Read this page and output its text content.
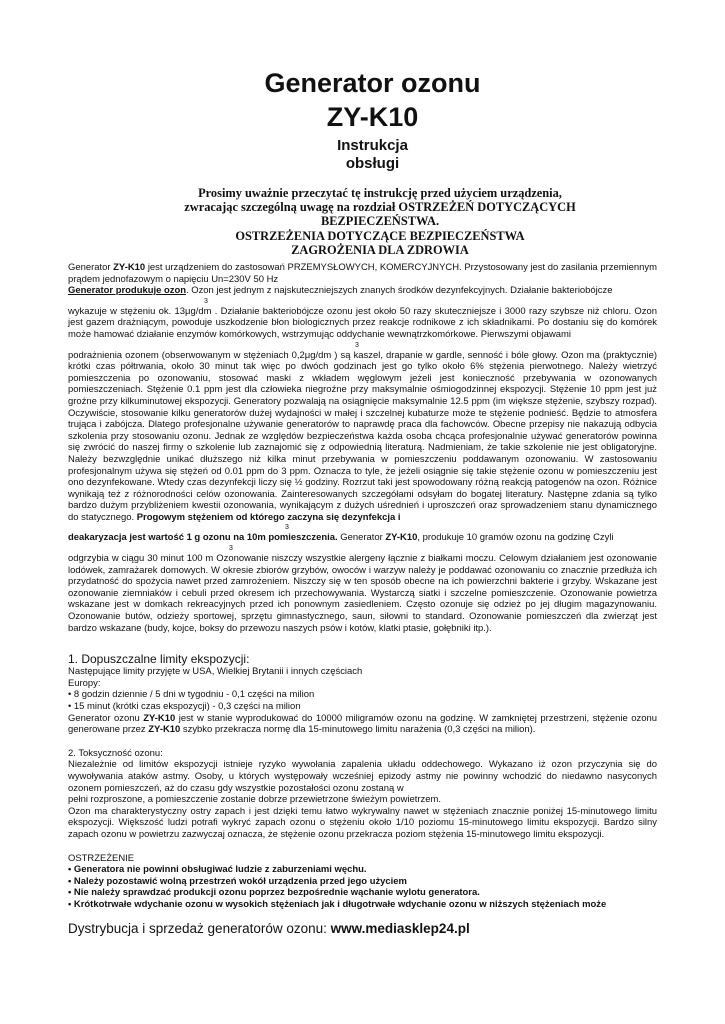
Generator ozonu
ZY-K10
Instrukcja
obsługi
Prosimy uważnie przeczytać tę instrukcję przed użyciem urządzenia,
zwracając szczególną uwagę na rozdział OSTRZEŻEŃ DOTYCZĄCYCH
BEZPIECZEŃSTWA.
OSTRZEŻENIA DOTYCZĄCE BEZPIECZEŃSTWA
ZAGROŻENIA DLA ZDROWIA

Generator ZY-K10 jest urządzeniem do zastosowań PRZEMYSŁOWYCH, KOMERCYJNYCH. Przystosowany jest do zasilania przemiennym prądem jednofazowym o napięciu Un=230V 50 Hz
Generator produkuje ozon. Ozon jest jednym z najskuteczniejszych znanych środków dezynfekcyjnych. Działanie bakteriobójcze

3

wykazuje w stężeniu ok. 13μg/dm . Działanie bakteriobójcze ozonu jest około 50 razy skuteczniejsze i 3000 razy szybsze niż chloru. Ozon jest gazem drażniącym, powoduje uszkodzenie błon biologicznych przez reakcje rodnikowe z ich składnikami. Po dostaniu się do komórek może hamować działanie enzymów komórkowych, wstrzymując oddychanie wewnątrzkomórkowe. Pierwszymi objawami

3

podrażnienia ozonem (obserwowanym w stężeniach 0,2μg/dm ) są kaszel, drapanie w gardle, senność i bóle głowy. Ozon ma (praktycznie) krótki czas półtrwania, około 30 minut tak więc po dwóch godzinach jest go tylko około 6% stężenia pierwotnego. Należy wietrzyć pomieszczenia po ozonowaniu, stosować maski z wkładem węglowym jeżeli jest konieczność przebywania w ozonowanych pomieszczeniach. Stężenie 0.1 ppm jest dla człowieka niegroźne przy maksymalnie ośmiogodzinnej ekspozycji. Stężenie 10 ppm jest już groźne przy kilkuminutowej ekspozycji. Generatory pozwalają na osiągnięcie maksymalnie 12.5 ppm (im większe stężenie, szybszy rozpad). Oczywiście, stosowanie kilku generatorów dużej wydajności w małej i szczelnej kubaturze może te stężenie podnieść. Będzie to atmosfera trująca i zabójcza. Dlatego profesjonalne używanie generatorów to naprawdę praca dla fachowców. Obecne przepisy nie nakazują odbycia szkolenia przy stosowaniu ozonu. Jednak ze względów bezpieczeństwa każda osoba chcąca profesjonalnie używać generatorów powinna się zwrócić do naszej firmy o szkolenie lub zaznajomić się z odpowiednią literaturą. Nadmieniam, że takie szkolenie nie jest obligatoryjne. Należy bezwzględnie unikać dłuższego niż kilka minut przebywania w pomieszczeniu poddawanym ozonowaniu. W zastosowaniu profesjonalnym używa się stężeń od 0.01 ppm do 3 ppm. Oznacza to tyle, że jeżeli osiągnie się takie stężenie ozonu w pomieszczeniu jest ono dezynfekowane. Wtedy czas dezynfekcji liczy się ½ godziny. Rozrzut taki jest spowodowany różną reakcją patogenów na ozon. Różnice wynikają też z różnorodności celów ozonowania. Zainteresowanych szczegółami odsyłam do bogatej literatury. Następne zdania są tylko bardzo dużym przybliżeniem kwestii ozonowania, wynikającym z dużych uśrednień i uproszczeń oraz sprowadzeniem stanu dynamicznego do statycznego. Progowym stężeniem od którego zaczyna się dezynfekcja i

3

deakaryzacja jest wartość 1 g ozonu na 10m pomieszczenia. Generator ZY-K10, produkuje 10 gramów ozonu na godzinę Czyli

3

odgrzybia w ciągu 30 minut 100 m Ozonowanie niszczy wszystkie alergeny łącznie z białkami moczu. Celowym działaniem jest ozonowanie lodówek, zamrażarek domowych. W okresie zbiorów grzybów, owoców i warzyw należy je poddawać ozonowaniu co znacznie przedłuża ich przydatność do spożycia nawet przed zamrożeniem. Niszczy się w ten sposób obecne na ich powierzchni bakterie i grzyby. Wskazane jest ozonowanie ziemniaków i cebuli przed okresem ich przechowywania. Wystarczą siatki i szczelne pomieszczenie. Ozonowanie powietrza wskazane jest w domkach rekreacyjnych przed ich ponownym zasiedleniem. Często ozonuje się odzież po jej długim magazynowaniu. Ozonowanie butów, odzieży sportowej, sprzętu gimnastycznego, saun, siłowni to standard. Ozonowanie pomieszczeń dla zwierząt jest bardzo wskazane (budy, kojce, boksy do przewozu naszych psów i kotów, klatki ptasie, gołębniki itp.).

1. Dopuszczalne limity ekspozycji:

Następujące limity przyjęte w USA, Wielkiej Brytanii i innych częściach

Europy:

• 8 godzin dziennie / 5 dni w tygodniu - 0,1 części na milion

• 15 minut (krótki czas ekspozycji) - 0,3 części na milion

Generator ozonu ZY-K10 jest w stanie wyprodukować do 10000 miligramów ozonu na godzinę. W zamkniętej przestrzeni, stężenie ozonu generowane przez ZY-K10 szybko przekracza normę dla 15-minutowego limitu narażenia (0,3 części na milion).

2. Toksyczność ozonu:

Niezależnie od limitów ekspozycji istnieje ryzyko wywołania zapalenia układu oddechowego. Wykazano iż ozon przyczynia się do wywoływania ataków astmy. Osoby, u których występowały wcześniej epizody astmy nie powinny wchodzić do niedawno nasyconych ozonem pomieszczeń, aż do czasu gdy wszystkie pozostałości ozonu zostaną w

pełni rozproszone, a pomieszczenie zostanie dobrze przewietrzone świeżym powietrzem.

Ozon ma charakterystyczny ostry zapach i jest dzięki temu łatwo wykrywalny nawet w stężeniach znacznie poniżej 15-minutowego limitu ekspozycji. Większość ludzi potrafi wykryć zapach ozonu o stężeniu około 1/10 poziomu 15-minutowego limitu ekspozycji. Bardzo silny zapach ozonu w powietrzu zazwyczaj oznacza, że stężenie ozonu przekracza poziom stężenia 15-minutowego limitu ekspozycji.

OSTRZEŻENIE

• Generatora nie powinni obsługiwać ludzie z zaburzeniami węchu.

• Należy pozostawić wolną przestrzeń wokół urządzenia przed jego użyciem

• Nie należy sprawdzać produkcji ozonu poprzez bezpośrednie wąchanie wylotu generatora.

• Krótkotrwałe wdychanie ozonu w wysokich stężeniach jak i długotrwałe wdychanie ozonu w niższych stężeniach może

Dystrybucja i sprzedaż generatorów ozonu: www.mediasklep24.pl
